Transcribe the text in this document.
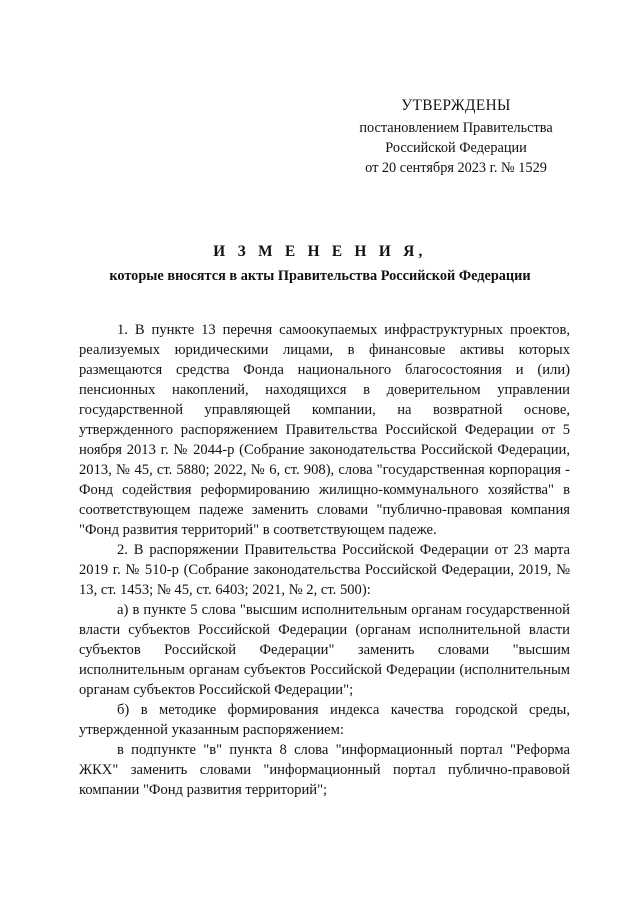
УТВЕРЖДЕНЫ
постановлением Правительства
Российской Федерации
от 20 сентября 2023 г. № 1529
И З М Е Н Е Н И Я,
которые вносятся в акты Правительства Российской Федерации

1. В пункте 13 перечня самоокупаемых инфраструктурных проектов, реализуемых юридическими лицами, в финансовые активы которых размещаются средства Фонда национального благосостояния и (или) пенсионных накоплений, находящихся в доверительном управлении государственной управляющей компании, на возвратной основе, утвержденного распоряжением Правительства Российской Федерации от 5 ноября 2013 г. № 2044-р (Собрание законодательства Российской Федерации, 2013, № 45, ст. 5880; 2022, № 6, ст. 908), слова "государственная корпорация - Фонд содействия реформированию жилищно-коммунального хозяйства" в соответствующем падеже заменить словами "публично-правовая компания "Фонд развития территорий" в соответствующем падеже.

2. В распоряжении Правительства Российской Федерации от 23 марта 2019 г. № 510-р (Собрание законодательства Российской Федерации, 2019, № 13, ст. 1453; № 45, ст. 6403; 2021, № 2, ст. 500):

а) в пункте 5 слова "высшим исполнительным органам государственной власти субъектов Российской Федерации (органам исполнительной власти субъектов Российской Федерации" заменить словами "высшим исполнительным органам субъектов Российской Федерации (исполнительным органам субъектов Российской Федерации";

б) в методике формирования индекса качества городской среды, утвержденной указанным распоряжением:

в подпункте "в" пункта 8 слова "информационный портал "Реформа ЖКХ" заменить словами "информационный портал публично-правовой компании "Фонд развития территорий";
